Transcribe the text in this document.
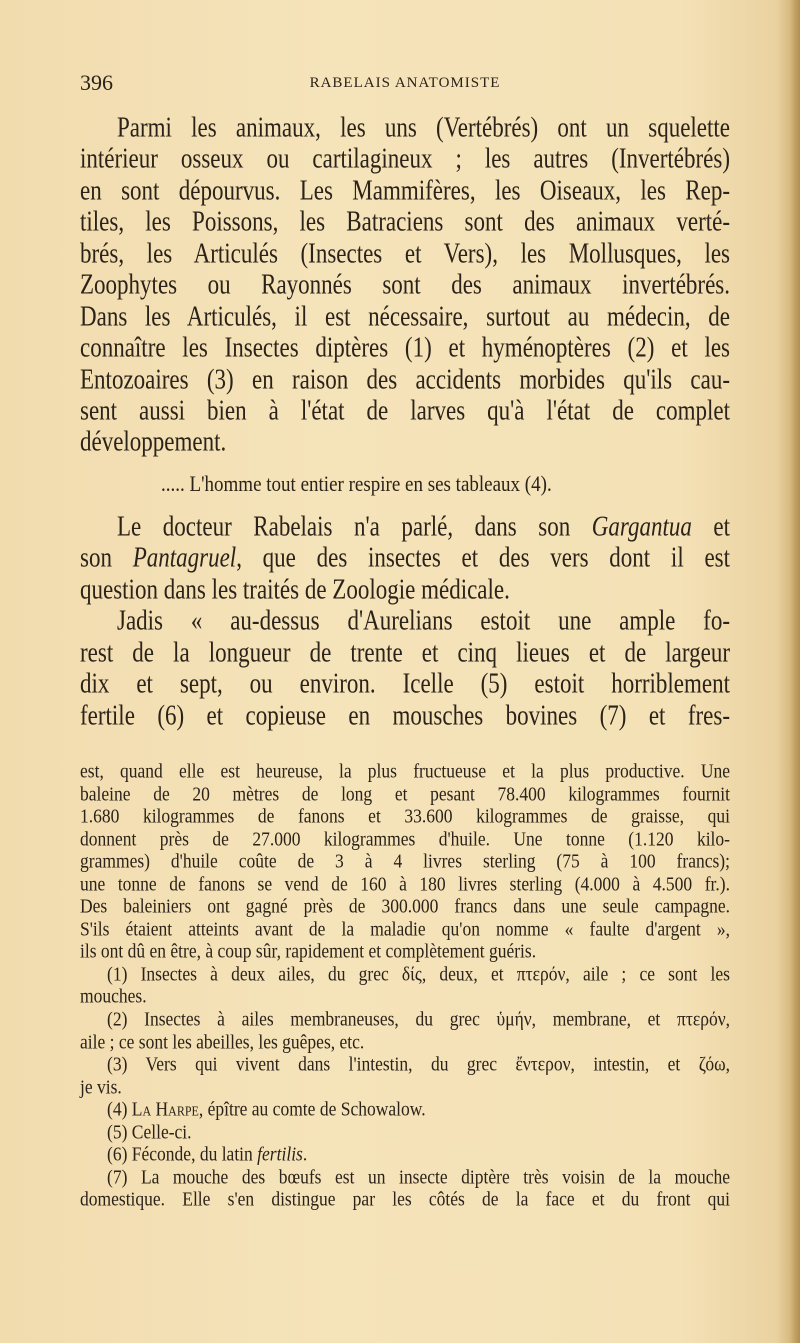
396	RABELAIS ANATOMISTE
Parmi les animaux, les uns (Vertébrés) ont un squelette
intérieur osseux ou cartilagineux ; les autres (Invertébrés)
en sont dépourvus. Les Mammifères, les Oiseaux, les Rep-
tiles, les Poissons, les Batraciens sont des animaux verté-
brés, les Articulés (Insectes et Vers), les Mollusques, les
Zoophytes ou Rayonnés sont des animaux invertébrés.
Dans les Articulés, il est nécessaire, surtout au médecin, de
connaître les Insectes diptères (1) et hyménoptères (2) et les
Entozoaires (3) en raison des accidents morbides qu'ils cau-
sent aussi bien à l'état de larves qu'à l'état de complet
développement.
..... L'homme tout entier respire en ses tableaux (4).
Le docteur Rabelais n'a parlé, dans son Gargantua et
son Pantagruel, que des insectes et des vers dont il est
question dans les traités de Zoologie médicale.
Jadis « au-dessus d'Aurelians estoit une ample fo-
rest de la longueur de trente et cinq lieues et de largeur
dix et sept, ou environ. Icelle (5) estoit horriblement
fertile (6) et copieuse en mousches bovines (7) et fres-
est, quand elle est heureuse, la plus fructueuse et la plus productive. Une
baleine de 20 mètres de long et pesant 78.400 kilogrammes fournit
1.680 kilogrammes de fanons et 33.600 kilogrammes de graisse, qui
donnent près de 27.000 kilogrammes d'huile. Une tonne (1.120 kilo-
grammes) d'huile coûte de 3 à 4 livres sterling (75 à 100 francs);
une tonne de fanons se vend de 160 à 180 livres sterling (4.000 à 4.500 fr.).
Des baleiniers ont gagné près de 300.000 francs dans une seule campagne.
S'ils étaient atteints avant de la maladie qu'on nomme « faulte d'argent »,
ils ont dû en être, à coup sûr, rapidement et complètement guéris.
(1) Insectes à deux ailes, du grec δίς, deux, et πτερόν, aile ; ce sont les
mouches.
(2) Insectes à ailes membraneuses, du grec ὑμήν, membrane, et πτερόν,
aile ; ce sont les abeilles, les guêpes, etc.
(3) Vers qui vivent dans l'intestin, du grec ἔντερον, intestin, et ζόω,
je vis.
(4) La Harpe, épître au comte de Schowalow.
(5) Celle-ci.
(6) Féconde, du latin fertilis.
(7) La mouche des bœufs est un insecte diptère très voisin de la mouche
domestique. Elle s'en distingue par les côtés de la face et du front qui
